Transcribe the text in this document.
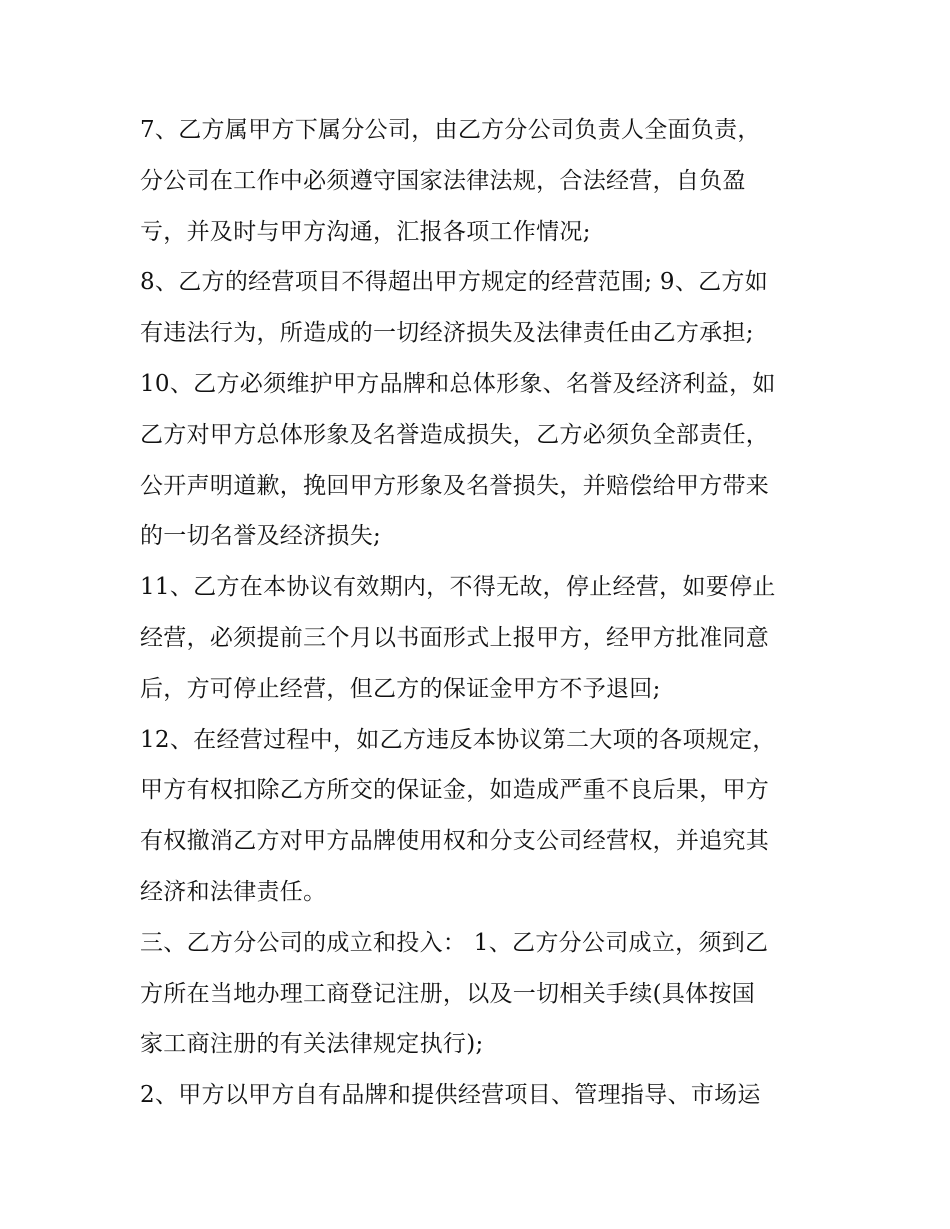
7、乙方属甲方下属分公司，由乙方分公司负责人全面负责，
分公司在工作中必须遵守国家法律法规，合法经营，自负盈
亏，并及时与甲方沟通，汇报各项工作情况;
8、乙方的经营项目不得超出甲方规定的经营范围; 9、乙方如
有违法行为，所造成的一切经济损失及法律责任由乙方承担;
10、乙方必须维护甲方品牌和总体形象、名誉及经济利益，如
乙方对甲方总体形象及名誉造成损失，乙方必须负全部责任，
公开声明道歉，挽回甲方形象及名誉损失，并赔偿给甲方带来
的一切名誉及经济损失;
11、乙方在本协议有效期内，不得无故，停止经营，如要停止
经营，必须提前三个月以书面形式上报甲方，经甲方批准同意
后，方可停止经营，但乙方的保证金甲方不予退回;
12、在经营过程中，如乙方违反本协议第二大项的各项规定，
甲方有权扣除乙方所交的保证金，如造成严重不良后果，甲方
有权撤消乙方对甲方品牌使用权和分支公司经营权，并追究其
经济和法律责任。
三、乙方分公司的成立和投入： 1、乙方分公司成立，须到乙
方所在当地办理工商登记注册，以及一切相关手续(具体按国
家工商注册的有关法律规定执行);
2、甲方以甲方自有品牌和提供经营项目、管理指导、市场运
